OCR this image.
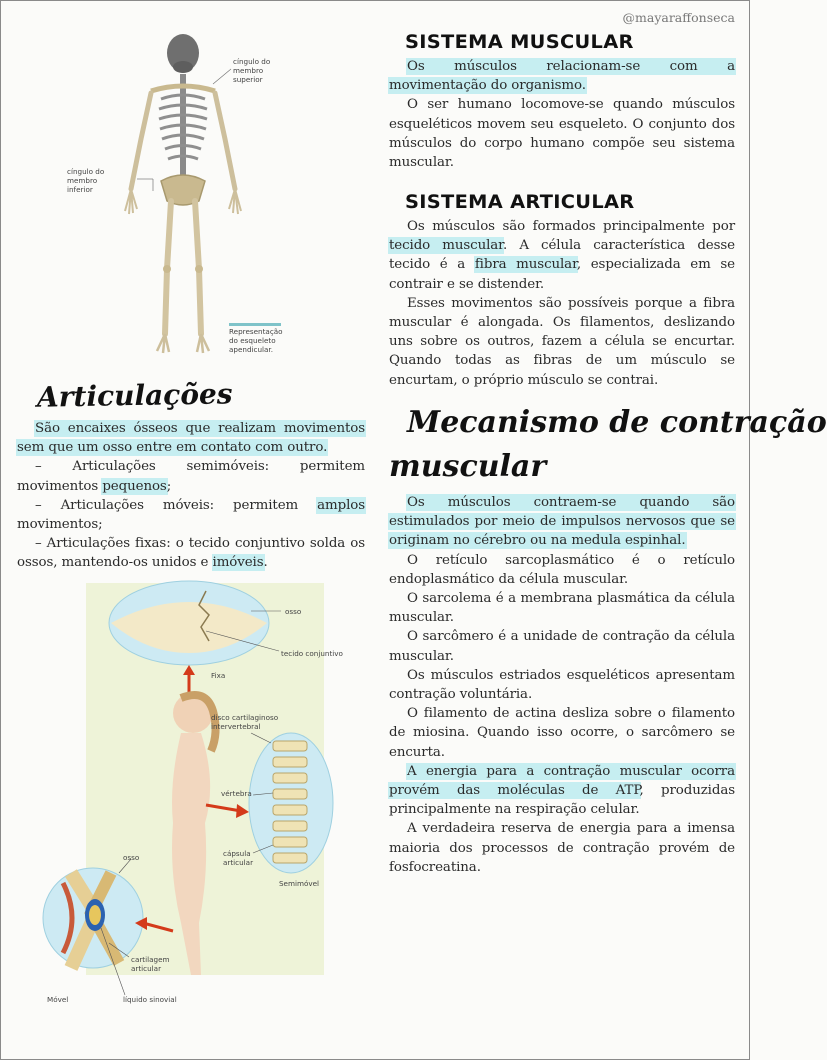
@mayaraffonseca
cíngulo do membro superior
cíngulo do membro inferior
Representação do esqueleto apendicular.
Articulações

São encaixes ósseos que realizam movimentos sem que um osso entre em contato com outro.

– Articulações semimóveis: permitem movimentos pequenos;

– Articulações móveis: permitem amplos movimentos;

– Articulações fixas: o tecido conjuntivo solda os ossos, mantendo-os unidos e imóveis.

osso
tecido conjuntivo
Fixa
disco cartilaginoso intervertebral
vértebra
cápsula articular
Semimóvel
osso
cartilagem articular
Móvel	líquido sinovial
SISTEMA MUSCULAR

Os músculos relacionam-se com a movimentação do organismo.

O ser humano locomove-se quando músculos esqueléticos movem seu esqueleto. O conjunto dos músculos do corpo humano compõe seu sistema muscular.

SISTEMA ARTICULAR

Os músculos são formados principalmente por tecido muscular. A célula característica desse tecido é a fibra muscular, especializada em se contrair e se distender.

Esses movimentos são possíveis porque a fibra muscular é alongada. Os filamentos, deslizando uns sobre os outros, fazem a célula se encurtar. Quando todas as fibras de um músculo se encurtam, o próprio músculo se contrai.

Mecanismo de contração
muscular

Os músculos contraem-se quando são estimulados por meio de impulsos nervosos que se originam no cérebro ou na medula espinhal.

O retículo sarcoplasmático é o retículo endoplasmático da célula muscular.

O sarcolema é a membrana plasmática da célula muscular.

O sarcômero é a unidade de contração da célula muscular.

Os músculos estriados esqueléticos apresentam contração voluntária.

O filamento de actina desliza sobre o filamento de miosina. Quando isso ocorre, o sarcômero se encurta.

A energia para a contração muscular ocorra provém das moléculas de ATP, produzidas principalmente na respiração celular.

A verdadeira reserva de energia para a imensa maioria dos processos de contração provém de fosfocreatina.
